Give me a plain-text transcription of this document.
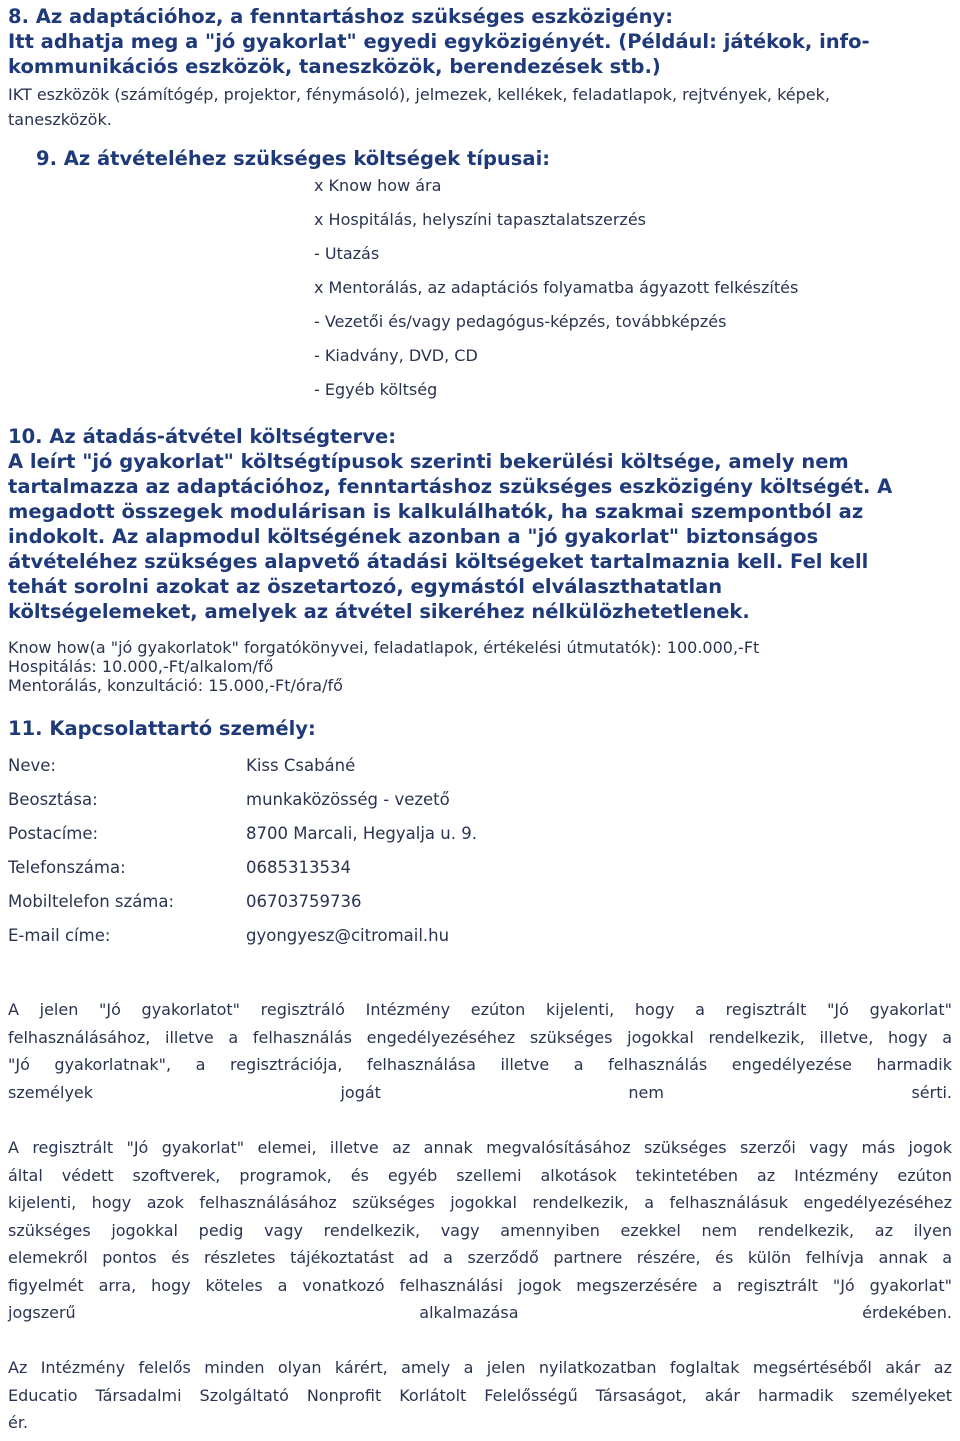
8. Az adaptációhoz, a fenntartáshoz szükséges eszközigény:

Itt adhatja meg a "jó gyakorlat" egyedi egyközigényét. (Például: játékok, info-

kommunikációs eszközök, taneszközök, berendezések stb.)

IKT eszközök (számítógép, projektor, fénymásoló), jelmezek, kellékek, feladatlapok, rejtvények, képek,

taneszközök.

9. Az átvételéhez szükséges költségek típusai:

x Know how ára
x Hospitálás, helyszíni tapasztalatszerzés
- Utazás
x Mentorálás, az adaptációs folyamatba ágyazott felkészítés
- Vezetői és/vagy pedagógus-képzés, továbbképzés
- Kiadvány, DVD, CD
- Egyéb költség

10. Az átadás-átvétel költségterve:

A leírt "jó gyakorlat" költségtípusok szerinti bekerülési költsége, amely nem

tartalmazza az adaptációhoz, fenntartáshoz szükséges eszközigény költségét. A

megadott összegek modulárisan is kalkulálhatók, ha szakmai szempontból az

indokolt. Az alapmodul költségének azonban a "jó gyakorlat" biztonságos

átvételéhez szükséges alapvető átadási költségeket tartalmaznia kell. Fel kell

tehát sorolni azokat az öszetartozó, egymástól elválaszthatatlan

költségelemeket, amelyek az átvétel sikeréhez nélkülözhetetlenek.

Know how(a "jó gyakorlatok" forgatókönyvei, feladatlapok, értékelési útmutatók): 100.000,-Ft

Hospitálás: 10.000,-Ft/alkalom/fő

Mentorálás, konzultáció: 15.000,-Ft/óra/fő

11. Kapcsolattartó személy:

Neve:	Kiss Csabáné
Beosztása:	munkaközösség - vezető
Postacíme:	8700 Marcali, Hegyalja u. 9.
Telefonszáma:	0685313534
Mobiltelefon száma:	06703759736
E-mail címe:	gyongyesz@citromail.hu

A jelen "Jó gyakorlatot" regisztráló Intézmény ezúton kijelenti, hogy a regisztrált "Jó gyakorlat"

felhasználásához, illetve a felhasználás engedélyezéséhez szükséges jogokkal rendelkezik, illetve, hogy a

"Jó gyakorlatnak", a regisztrációja, felhasználása illetve a felhasználás engedélyezése harmadik

személyek jogát nem sérti.

A regisztrált "Jó gyakorlat" elemei, illetve az annak megvalósításához szükséges szerzői vagy más jogok

által védett szoftverek, programok, és egyéb szellemi alkotások tekintetében az Intézmény ezúton

kijelenti, hogy azok felhasználásához szükséges jogokkal rendelkezik, a felhasználásuk engedélyezéséhez

szükséges jogokkal pedig vagy rendelkezik, vagy amennyiben ezekkel nem rendelkezik, az ilyen

elemekről pontos és részletes tájékoztatást ad a szerződő partnere részére, és külön felhívja annak a

figyelmét arra, hogy köteles a vonatkozó felhasználási jogok megszerzésére a regisztrált "Jó gyakorlat"

jogszerű alkalmazása érdekében.

Az Intézmény felelős minden olyan kárért, amely a jelen nyilatkozatban foglaltak megsértéséből akár az

Educatio Társadalmi Szolgáltató Nonprofit Korlátolt Felelősségű Társaságot, akár harmadik személyeket

ér.
